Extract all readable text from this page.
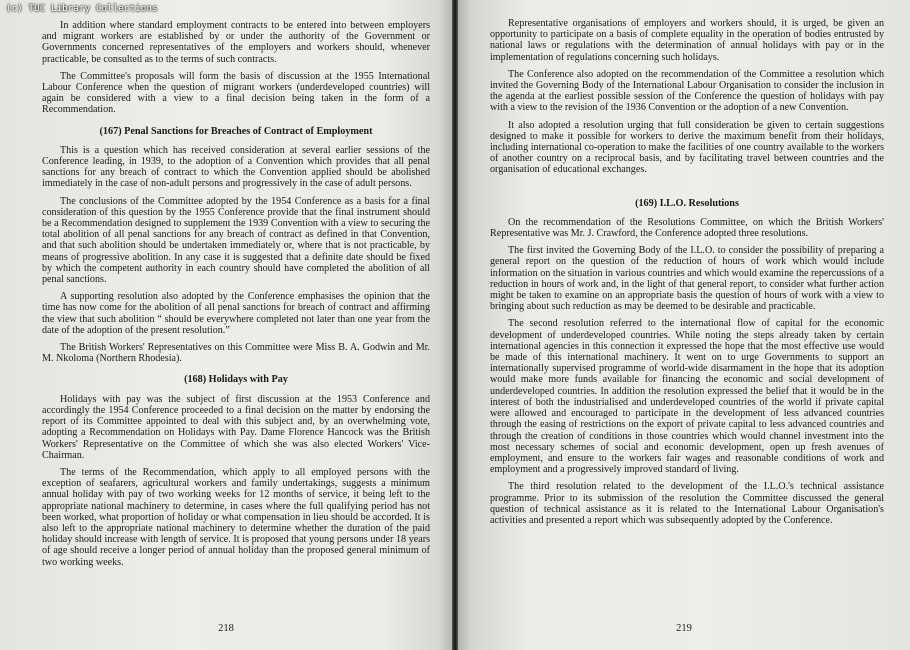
(c) TUC Library Collections

In addition where standard employment contracts to be entered into between employers and migrant workers are established by or under the authority of the Government or Governments concerned representatives of the employers and workers should, whenever practicable, be consulted as to the terms of such contracts.

The Committee's proposals will form the basis of discussion at the 1955 International Labour Conference when the question of migrant workers (underdeveloped countries) will again be considered with a view to a final decision being taken in the form of a Recommendation.

(167) Penal Sanctions for Breaches of Contract of Employment

This is a question which has received consideration at several earlier sessions of the Conference leading, in 1939, to the adoption of a Convention which provides that all penal sanctions for any breach of contract to which the Convention applied should be abolished immediately in the case of non-adult persons and progressively in the case of adult persons.

The conclusions of the Committee adopted by the 1954 Conference as a basis for a final consideration of this question by the 1955 Conference provide that the final instrument should be a Recommendation designed to supplement the 1939 Convention with a view to securing the total abolition of all penal sanctions for any breach of contract as defined in that Convention, and that such abolition should be undertaken immediately or, where that is not practicable, by means of progressive abolition. In any case it is suggested that a definite date should be fixed by which the competent authority in each country should have completed the abolition of all penal sanctions.

A supporting resolution also adopted by the Conference emphasises the opinion that the time has now come for the abolition of all penal sanctions for breach of contract and affirming the view that such abolition “ should be everywhere completed not later than one year from the date of the adoption of the present resolution.”

The British Workers' Representatives on this Committee were Miss B. A. Godwin and Mr. M. Nkoloma (Northern Rhodesia).

(168) Holidays with Pay

Holidays with pay was the subject of first discussion at the 1953 Conference and accordingly the 1954 Conference proceeded to a final decision on the matter by endorsing the report of its Committee appointed to deal with this subject and, by an overwhelming vote, adopting a Recommendation on Holidays with Pay. Dame Florence Hancock was the British Workers' Representative on the Committee of which she was also elected Workers' Vice-Chairman.

The terms of the Recommendation, which apply to all employed persons with the exception of seafarers, agricultural workers and family undertakings, suggests a minimum annual holiday with pay of two working weeks for 12 months of service, it being left to the appropriate national machinery to determine, in cases where the full qualifying period has not been worked, what proportion of holiday or what compensation in lieu should be accorded. It is also left to the appropriate national machinery to determine whether the duration of the paid holiday should increase with length of service. It is proposed that young persons under 18 years of age should receive a longer period of annual holiday than the proposed general minimum of two working weeks.

218

Representative organisations of employers and workers should, it is urged, be given an opportunity to participate on a basis of complete equality in the operation of bodies entrusted by national laws or regulations with the determination of annual holidays with pay or in the implementation of regulations concerning such holidays.

The Conference also adopted on the recommendation of the Committee a resolution which invited the Governing Body of the International Labour Organisation to consider the inclusion in the agenda at the earliest possible session of the Conference the question of holidays with pay with a view to the revision of the 1936 Convention or the adoption of a new Convention.

It also adopted a resolution urging that full consideration be given to certain suggestions designed to make it possible for workers to derive the maximum benefit from their holidays, including international co-operation to make the facilities of one country available to the workers of another country on a reciprocal basis, and by facilitating travel between countries and the organisation of educational exchanges.

(169) I.L.O. Resolutions

On the recommendation of the Resolutions Committee, on which the British Workers' Representative was Mr. J. Crawford, the Conference adopted three resolutions.

The first invited the Governing Body of the I.L.O. to consider the possibility of preparing a general report on the question of the reduction of hours of work which would include information on the situation in various countries and which would examine the repercussions of a reduction in hours of work and, in the light of that general report, to consider what further action might be taken to examine on an appropriate basis the question of hours of work with a view to bringing about such reduction as may be deemed to be desirable and practicable.

The second resolution referred to the international flow of capital for the economic development of underdeveloped countries. While noting the steps already taken by certain international agencies in this connection it expressed the hope that the most effective use would be made of this international machinery. It went on to urge Governments to support an internationally supervised programme of world-wide disarmament in the hope that its adoption would make more funds available for financing the economic and social development of underdeveloped countries. In addition the resolution expressed the belief that it would be in the interest of both the industrialised and underdeveloped countries of the world if private capital were allowed and encouraged to participate in the development of less advanced countries through the easing of restrictions on the export of private capital to less advanced countries and through the creation of conditions in those countries which would channel investment into the most necessary schemes of social and economic development, open up fresh avenues of employment, and ensure to the workers fair wages and reasonable conditions of work and employment and a progressively improved standard of living.

The third resolution related to the development of the I.L.O.'s technical assistance programme. Prior to its submission of the resolution the Committee discussed the general question of technical assistance as it is related to the International Labour Organisation's activities and presented a report which was subsequently adopted by the Conference.

219
